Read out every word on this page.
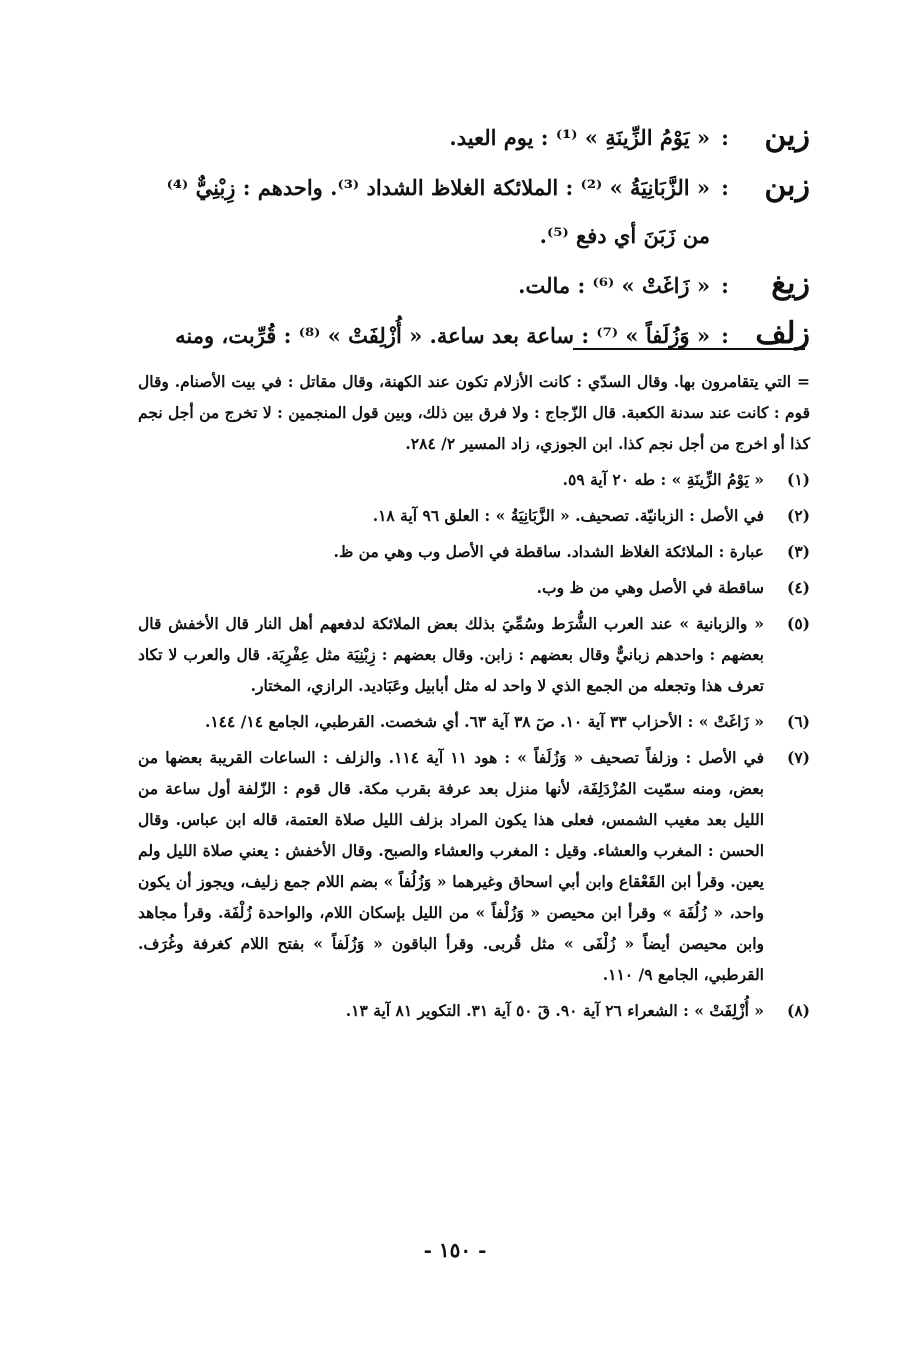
زين
:
« يَوْمُ الزِّينَةِ » ⁽¹⁾ : يوم العيد.
زبن
:
« الزَّبَانِيَةُ » ⁽²⁾ : الملائكة الغلاظ الشداد ⁽³⁾. واحدهم : زِبْنِيٌّ ⁽⁴⁾
من زَبَنَ أي دفع ⁽⁵⁾.
زيغ
:
« زَاغَتْ » ⁽⁶⁾ : مالت.
زلف
:
« وَزُلَفاً » ⁽⁷⁾ : ساعة بعد ساعة. « أُزْلِفَتْ » ⁽⁸⁾ : قُرِّبت، ومنه
= التي يتقامرون بها. وقال السدّي : كانت الأزلام تكون عند الكهنة، وقال مقاتل : في بيت الأصنام. وقال قوم : كانت عند سدنة الكعبة. قال الزّجاج : ولا فرق بين ذلك، وبين قول المنجمين : لا تخرج من أجل نجم كذا أو اخرج من أجل نجم كذا. ابن الجوزي، زاد المسير ٢/ ٢٨٤.
(١)
« يَوْمُ الزِّينَةِ » : طه ٢٠ آية ٥٩.
(٢)
في الأصل : الزبانيّة. تصحيف. « الزَّبَانِيَةُ » : العلق ٩٦ آية ١٨.
(٣)
عبارة : الملائكة الغلاظ الشداد. ساقطة في الأصل وب وهي من ظ.
(٤)
ساقطة في الأصل وهي من ظ وب.
(٥)
« والزبانية » عند العرب الشُّرَط وسُمِّيَ بذلك بعض الملائكة لدفعهم أهل النار قال الأخفش قال بعضهم : واحدهم زبانيٌّ وقال بعضهم : زابن. وقال بعضهم : زِبْنِيَة مثل عِفْرِيَة. قال والعرب لا تكاد تعرف هذا وتجعله من الجمع الذي لا واحد له مثل أبابيل وعَبَاديد. الرازي، المختار.
(٦)
« زَاغَتْ » : الأحزاب ٣٣ آية ١٠. صٓ ٣٨ آية ٦٣. أي شخصت. القرطبي، الجامع ١٤/ ١٤٤.
(٧)
في الأصل : وزلفاً تصحيف « وَزُلَفاً » : هود ١١ آية ١١٤. والزلف : الساعات القريبة بعضها من بعض، ومنه سمّيت المُزْدَلِفَة، لأنها منزل بعد عرفة بقرب مكة. قال قوم : الزّلفة أول ساعة من الليل بعد مغيب الشمس، فعلى هذا يكون المراد بزلف الليل صلاة العتمة، قاله ابن عباس. وقال الحسن : المغرب والعشاء. وقيل : المغرب والعشاء والصبح. وقال الأخفش : يعني صلاة الليل ولم يعين. وقرأ ابن القَعْقاع وابن أبي اسحاق وغيرهما « وَزُلُفاً » بضم اللام جمع زليف، ويجوز أن يكون واحد، « زُلُفَة » وقرأ ابن محيصن « وَزُلْفاً » من الليل بإسكان اللام، والواحدة زُلْفَة. وقرأ مجاهد وابن محيصن أيضاً « زُلْفَى » مثل قُربى. وقرأ الباقون « وَزُلَفاً » بفتح اللام كغرفة وغُرَف. القرطبي، الجامع ٩/ ١١٠.
(٨)
« أُزْلِفَتْ » : الشعراء ٢٦ آية ٩٠. قٓ ٥٠ آية ٣١. التكوير ٨١ آية ١٣.
- ١٥٠ -
